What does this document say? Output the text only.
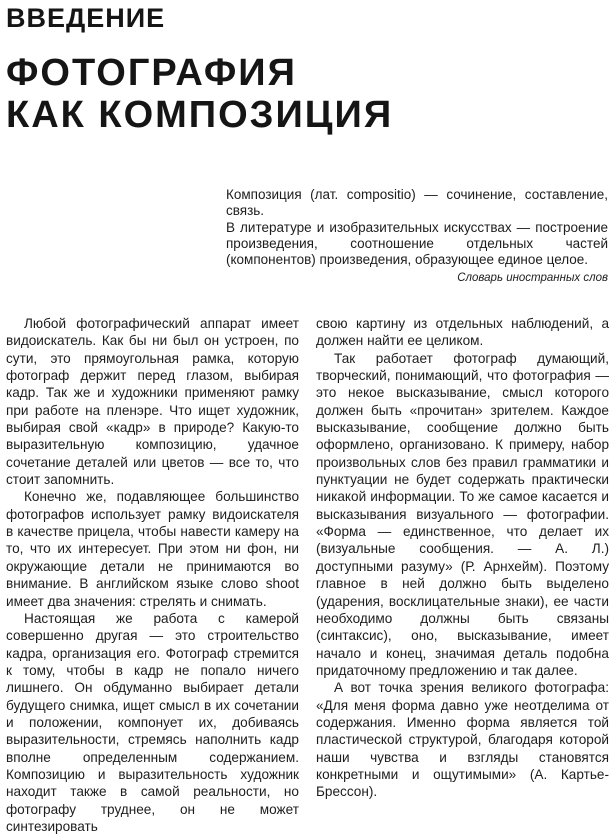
ВВЕДЕНИЕ
ФОТОГРАФИЯ
КАК КОМПОЗИЦИЯ

Композиция (лат. compositio) — сочинение, составление, связь.

В литературе и изобразительных искусствах — построение произведения, соотношение отдельных частей (компонентов) произведения, образующее единое целое.

Словарь иностранных слов

Любой фотографический аппарат имеет видоискатель. Как бы ни был он устроен, по сути, это прямоугольная рамка, которую фотограф держит перед глазом, выбирая кадр. Так же и художники применяют рамку при работе на пленэре. Что ищет художник, выбирая свой «кадр» в природе? Какую-то выразительную композицию, удачное сочетание деталей или цветов — все то, что стоит запомнить.

Конечно же, подавляющее большинство фотографов использует рамку видоискателя в качестве прицела, чтобы навести камеру на то, что их интересует. При этом ни фон, ни окружающие детали не принимаются во внимание. В английском языке слово shoot имеет два значения: стрелять и снимать.

Настоящая же работа с камерой совершенно другая — это строительство кадра, организация его. Фотограф стремится к тому, чтобы в кадр не попало ничего лишнего. Он обдуманно выбирает детали будущего снимка, ищет смысл в их сочетании и положении, компонует их, добиваясь выразительности, стремясь наполнить кадр вполне определенным содержанием. Композицию и выразительность художник находит также в самой реальности, но фотографу труднее, он не может синтезировать

свою картину из отдельных наблюдений, а должен найти ее целиком.

Так работает фотограф думающий, творческий, понимающий, что фотография — это некое высказывание, смысл которого должен быть «прочитан» зрителем. Каждое высказывание, сообщение должно быть оформлено, организовано. К примеру, набор произвольных слов без правил грамматики и пунктуации не будет содержать практически никакой информации. То же самое касается и высказывания визуального — фотографии. «Форма — единственное, что делает их (визуальные сообщения. — А. Л.) доступными разуму» (Р. Арнхейм). Поэтому главное в ней должно быть выделено (ударения, восклицательные знаки), ее части необходимо должны быть связаны (синтаксис), оно, высказывание, имеет начало и конец, значимая деталь подобна придаточному предложению и так далее.

А вот точка зрения великого фотографа: «Для меня форма давно уже неотделима от содержания. Именно форма является той пластической структурой, благодаря которой наши чувства и взгляды становятся конкретными и ощутимыми» (А. Картье-Брессон).
